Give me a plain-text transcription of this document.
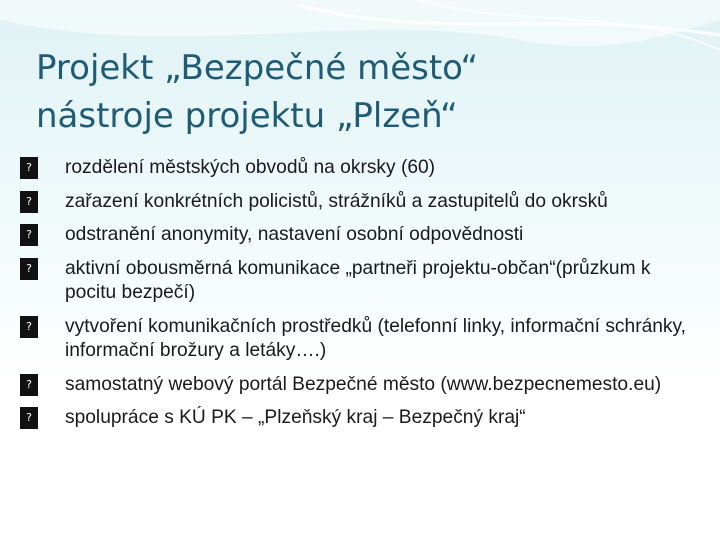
Projekt „Bezpečné město“
nástroje projektu „Plzeň“
?	rozdělení městských obvodů na okrsky (60)
?	zařazení konkrétních policistů, strážníků a zastupitelů do okrsků
?	odstranění anonymity, nastavení osobní odpovědnosti
?	aktivní obousměrná komunikace „partneři projektu-občan“(průzkum k pocitu bezpečí)
?	vytvoření komunikačních prostředků (telefonní linky, informační schránky, informační brožury a letáky….)
?	samostatný webový portál Bezpečné město (www.bezpecnemesto.eu)
?	spolupráce s KÚ PK – „Plzeňský kraj – Bezpečný kraj“
